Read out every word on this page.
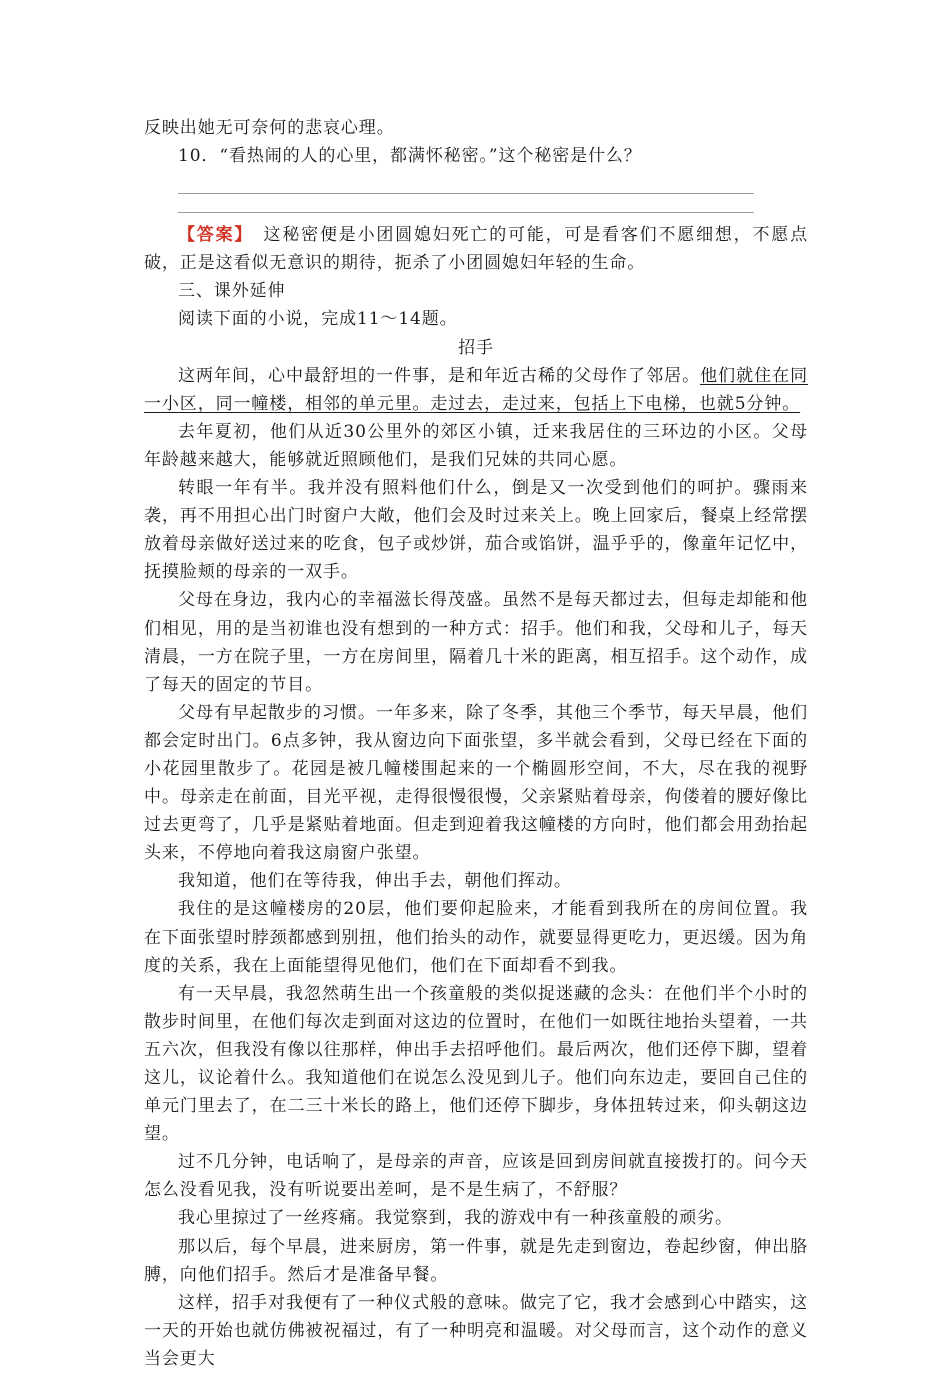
反映出她无可奈何的悲哀心理。

10．“看热闹的人的心里，都满怀秘密。”这个秘密是什么？

【答案】　 这秘密便是小团圆媳妇死亡的可能，可是看客们不愿细想，不愿点破，正是这看似无意识的期待，扼杀了小团圆媳妇年轻的生命。

三、课外延伸

阅读下面的小说，完成11～14题。

招手

这两年间，心中最舒坦的一件事，是和年近古稀的父母作了邻居。他们就住在同一小区，同一幢楼，相邻的单元里。走过去，走过来，包括上下电梯，也就5分钟。

去年夏初，他们从近30公里外的郊区小镇，迁来我居住的三环边的小区。父母年龄越来越大，能够就近照顾他们，是我们兄妹的共同心愿。

转眼一年有半。我并没有照料他们什么，倒是又一次受到他们的呵护。骤雨来袭，再不用担心出门时窗户大敞，他们会及时过来关上。晚上回家后，餐桌上经常摆放着母亲做好送过来的吃食，包子或炒饼，茄合或馅饼，温乎乎的，像童年记忆中，抚摸脸颊的母亲的一双手。

父母在身边，我内心的幸福滋长得茂盛。虽然不是每天都过去，但每走却能和他们相见，用的是当初谁也没有想到的一种方式：招手。他们和我，父母和儿子，每天清晨，一方在院子里，一方在房间里，隔着几十米的距离，相互招手。这个动作，成了每天的固定的节目。

父母有早起散步的习惯。一年多来，除了冬季，其他三个季节，每天早晨，他们都会定时出门。6点多钟，我从窗边向下面张望，多半就会看到，父母已经在下面的小花园里散步了。花园是被几幢楼围起来的一个椭圆形空间，不大，尽在我的视野中。母亲走在前面，目光平视，走得很慢很慢，父亲紧贴着母亲，佝偻着的腰好像比过去更弯了，几乎是紧贴着地面。但走到迎着我这幢楼的方向时，他们都会用劲抬起头来，不停地向着我这扇窗户张望。

我知道，他们在等待我，伸出手去，朝他们挥动。

我住的是这幢楼房的20层，他们要仰起脸来，才能看到我所在的房间位置。我在下面张望时脖颈都感到别扭，他们抬头的动作，就要显得更吃力，更迟缓。因为角度的关系，我在上面能望得见他们，他们在下面却看不到我。

有一天早晨，我忽然萌生出一个孩童般的类似捉迷藏的念头：在他们半个小时的散步时间里，在他们每次走到面对这边的位置时，在他们一如既往地抬头望着，一共五六次，但我没有像以往那样，伸出手去招呼他们。最后两次，他们还停下脚，望着这儿，议论着什么。我知道他们在说怎么没见到儿子。他们向东边走，要回自己住的单元门里去了，在二三十米长的路上，他们还停下脚步，身体扭转过来，仰头朝这边望。

过不几分钟，电话响了，是母亲的声音，应该是回到房间就直接拨打的。问今天怎么没看见我，没有听说要出差呵，是不是生病了，不舒服？

我心里掠过了一丝疼痛。我觉察到，我的游戏中有一种孩童般的顽劣。

那以后，每个早晨，进来厨房，第一件事，就是先走到窗边，卷起纱窗，伸出胳膊，向他们招手。然后才是准备早餐。

这样，招手对我便有了一种仪式般的意味。做完了它，我才会感到心中踏实，这一天的开始也就仿佛被祝福过，有了一种明亮和温暖。对父母而言，这个动作的意义当会更大
